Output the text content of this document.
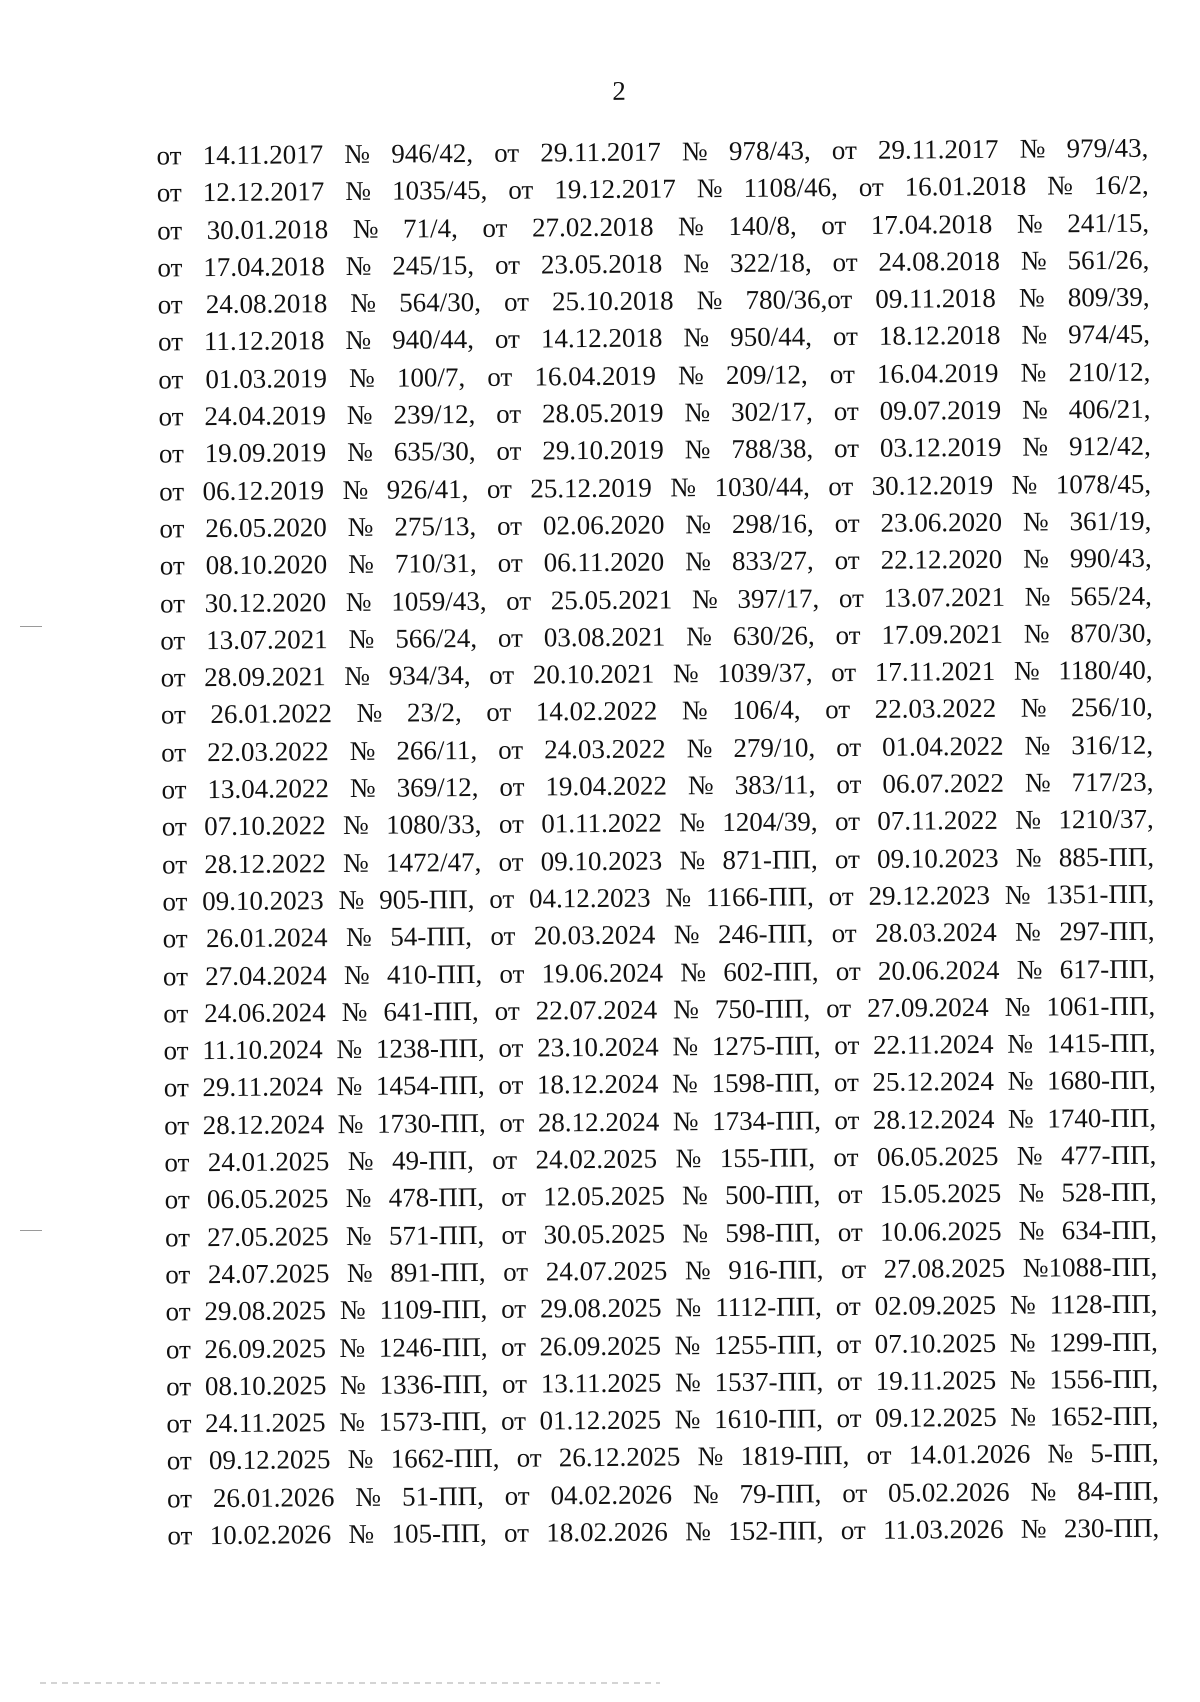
2
от 14.11.2017 № 946/42, от 29.11.2017 № 978/43, от 29.11.2017 № 979/43,
от 12.12.2017 № 1035/45, от 19.12.2017 № 1108/46, от 16.01.2018 № 16/2,
от 30.01.2018 № 71/4, от 27.02.2018 № 140/8, от 17.04.2018 № 241/15,
от 17.04.2018 № 245/15, от 23.05.2018 № 322/18, от 24.08.2018 № 561/26,
от 24.08.2018 № 564/30, от 25.10.2018 № 780/36,от 09.11.2018 № 809/39,
от 11.12.2018 № 940/44, от 14.12.2018 № 950/44, от 18.12.2018 № 974/45,
от 01.03.2019 № 100/7, от 16.04.2019 № 209/12, от 16.04.2019 № 210/12,
от 24.04.2019 № 239/12, от 28.05.2019 № 302/17, от 09.07.2019 № 406/21,
от 19.09.2019 № 635/30, от 29.10.2019 № 788/38, от 03.12.2019 № 912/42,
от 06.12.2019 № 926/41, от 25.12.2019 № 1030/44, от 30.12.2019 № 1078/45,
от 26.05.2020 № 275/13, от 02.06.2020 № 298/16, от 23.06.2020 № 361/19,
от 08.10.2020 № 710/31, от 06.11.2020 № 833/27, от 22.12.2020 № 990/43,
от 30.12.2020 № 1059/43, от 25.05.2021 № 397/17, от 13.07.2021 № 565/24,
от 13.07.2021 № 566/24, от 03.08.2021 № 630/26, от 17.09.2021 № 870/30,
от 28.09.2021 № 934/34, от 20.10.2021 № 1039/37, от 17.11.2021 № 1180/40,
от 26.01.2022 № 23/2, от 14.02.2022 № 106/4, от 22.03.2022 № 256/10,
от 22.03.2022 № 266/11, от 24.03.2022 № 279/10, от 01.04.2022 № 316/12,
от 13.04.2022 № 369/12, от 19.04.2022 № 383/11, от 06.07.2022 № 717/23,
от 07.10.2022 № 1080/33, от 01.11.2022 № 1204/39, от 07.11.2022 № 1210/37,
от 28.12.2022 № 1472/47, от 09.10.2023 № 871-ПП, от 09.10.2023 № 885-ПП,
от 09.10.2023 № 905-ПП, от 04.12.2023 № 1166-ПП, от 29.12.2023 № 1351-ПП,
от 26.01.2024 № 54-ПП, от 20.03.2024 № 246-ПП, от 28.03.2024 № 297-ПП,
от 27.04.2024 № 410-ПП, от 19.06.2024 № 602-ПП, от 20.06.2024 № 617-ПП,
от 24.06.2024 № 641-ПП, от 22.07.2024 № 750-ПП, от 27.09.2024 № 1061-ПП,
от 11.10.2024 № 1238-ПП, от 23.10.2024 № 1275-ПП, от 22.11.2024 № 1415-ПП,
от 29.11.2024 № 1454-ПП, от 18.12.2024 № 1598-ПП, от 25.12.2024 № 1680-ПП,
от 28.12.2024 № 1730-ПП, от 28.12.2024 № 1734-ПП, от 28.12.2024 № 1740-ПП,
от 24.01.2025 № 49-ПП, от 24.02.2025 № 155-ПП, от 06.05.2025 № 477-ПП,
от 06.05.2025 № 478-ПП, от 12.05.2025 № 500-ПП, от 15.05.2025 № 528-ПП,
от 27.05.2025 № 571-ПП, от 30.05.2025 № 598-ПП, от 10.06.2025 № 634-ПП,
от 24.07.2025 № 891-ПП, от 24.07.2025 № 916-ПП, от 27.08.2025 №1088-ПП,
от 29.08.2025 № 1109-ПП, от 29.08.2025 № 1112-ПП, от 02.09.2025 № 1128-ПП,
от 26.09.2025 № 1246-ПП, от 26.09.2025 № 1255-ПП, от 07.10.2025 № 1299-ПП,
от 08.10.2025 № 1336-ПП, от 13.11.2025 № 1537-ПП, от 19.11.2025 № 1556-ПП,
от 24.11.2025 № 1573-ПП, от 01.12.2025 № 1610-ПП, от 09.12.2025 № 1652-ПП,
от 09.12.2025 № 1662-ПП, от 26.12.2025 № 1819-ПП, от 14.01.2026 № 5-ПП,
от 26.01.2026 № 51-ПП, от 04.02.2026 № 79-ПП, от 05.02.2026 № 84-ПП,
от 10.02.2026 № 105-ПП, от 18.02.2026 № 152-ПП, от 11.03.2026 № 230-ПП,
